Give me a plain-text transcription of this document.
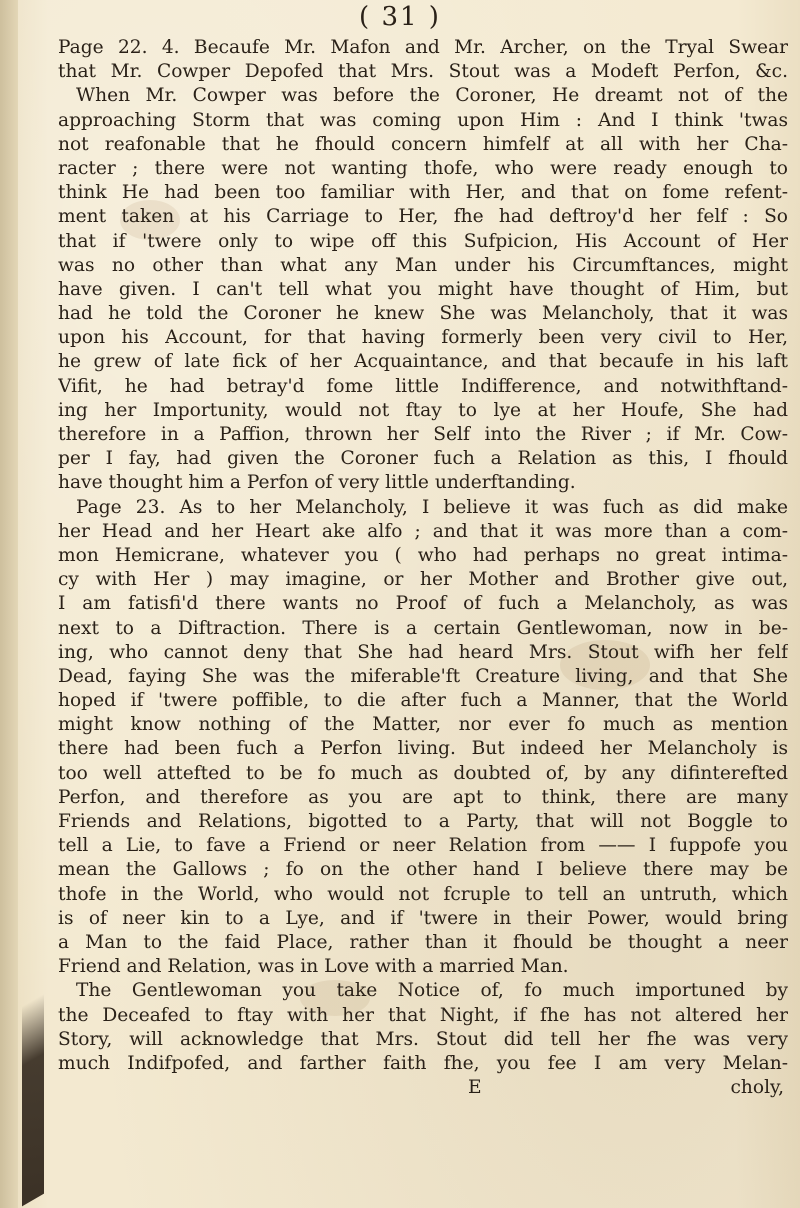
( 31 )
Page 22. 4. Becaufe Mr. Mafon and Mr. Archer, on the Tryal Swear
that Mr. Cowper Depofed that Mrs. Stout was a Modeft Perfon, &c.
When Mr. Cowper was before the Coroner, He dreamt not of the
approaching Storm that was coming upon Him : And I think 'twas
not reafonable that he fhould concern himfelf at all with her Cha-
racter ; there were not wanting thofe, who were ready enough to
think He had been too familiar with Her, and that on fome refent-
ment taken at his Carriage to Her, fhe had deftroy'd her felf : So
that if 'twere only to wipe off this Sufpicion, His Account of Her
was no other than what any Man under his Circumftances, might
have given. I can't tell what you might have thought of Him, but
had he told the Coroner he knew She was Melancholy, that it was
upon his Account, for that having formerly been very civil to Her,
he grew of late fick of her Acquaintance, and that becaufe in his laft
Vifit, he had betray'd fome little Indifference, and notwithftand-
ing her Importunity, would not ftay to lye at her Houfe, She had
therefore in a Paffion, thrown her Self into the River ; if Mr. Cow-
per I fay, had given the Coroner fuch a Relation as this, I fhould
have thought him a Perfon of very little underftanding.
Page 23. As to her Melancholy, I believe it was fuch as did make
her Head and her Heart ake alfo ; and that it was more than a com-
mon Hemicrane, whatever you ( who had perhaps no great intima-
cy with Her ) may imagine, or her Mother and Brother give out,
I am fatisfi'd there wants no Proof of fuch a Melancholy, as was
next to a Diftraction. There is a certain Gentlewoman, now in be-
ing, who cannot deny that She had heard Mrs. Stout wifh her felf
Dead, faying She was the miferable'ft Creature living, and that She
hoped if 'twere poffible, to die after fuch a Manner, that the World
might know nothing of the Matter, nor ever fo much as mention
there had been fuch a Perfon living. But indeed her Melancholy is
too well attefted to be fo much as doubted of, by any difinterefted
Perfon, and therefore as you are apt to think, there are many
Friends and Relations, bigotted to a Party, that will not Boggle to
tell a Lie, to fave a Friend or neer Relation from —— I fuppofe you
mean the Gallows ; fo on the other hand I believe there may be
thofe in the World, who would not fcruple to tell an untruth, which
is of neer kin to a Lye, and if 'twere in their Power, would bring
a Man to the faid Place, rather than it fhould be thought a neer
Friend and Relation, was in Love with a married Man.
The Gentlewoman you take Notice of, fo much importuned by
the Deceafed to ftay with her that Night, if fhe has not altered her
Story, will acknowledge that Mrs. Stout did tell her fhe was very
much Indifpofed, and farther faith fhe, you fee I am very Melan-
E	choly,
